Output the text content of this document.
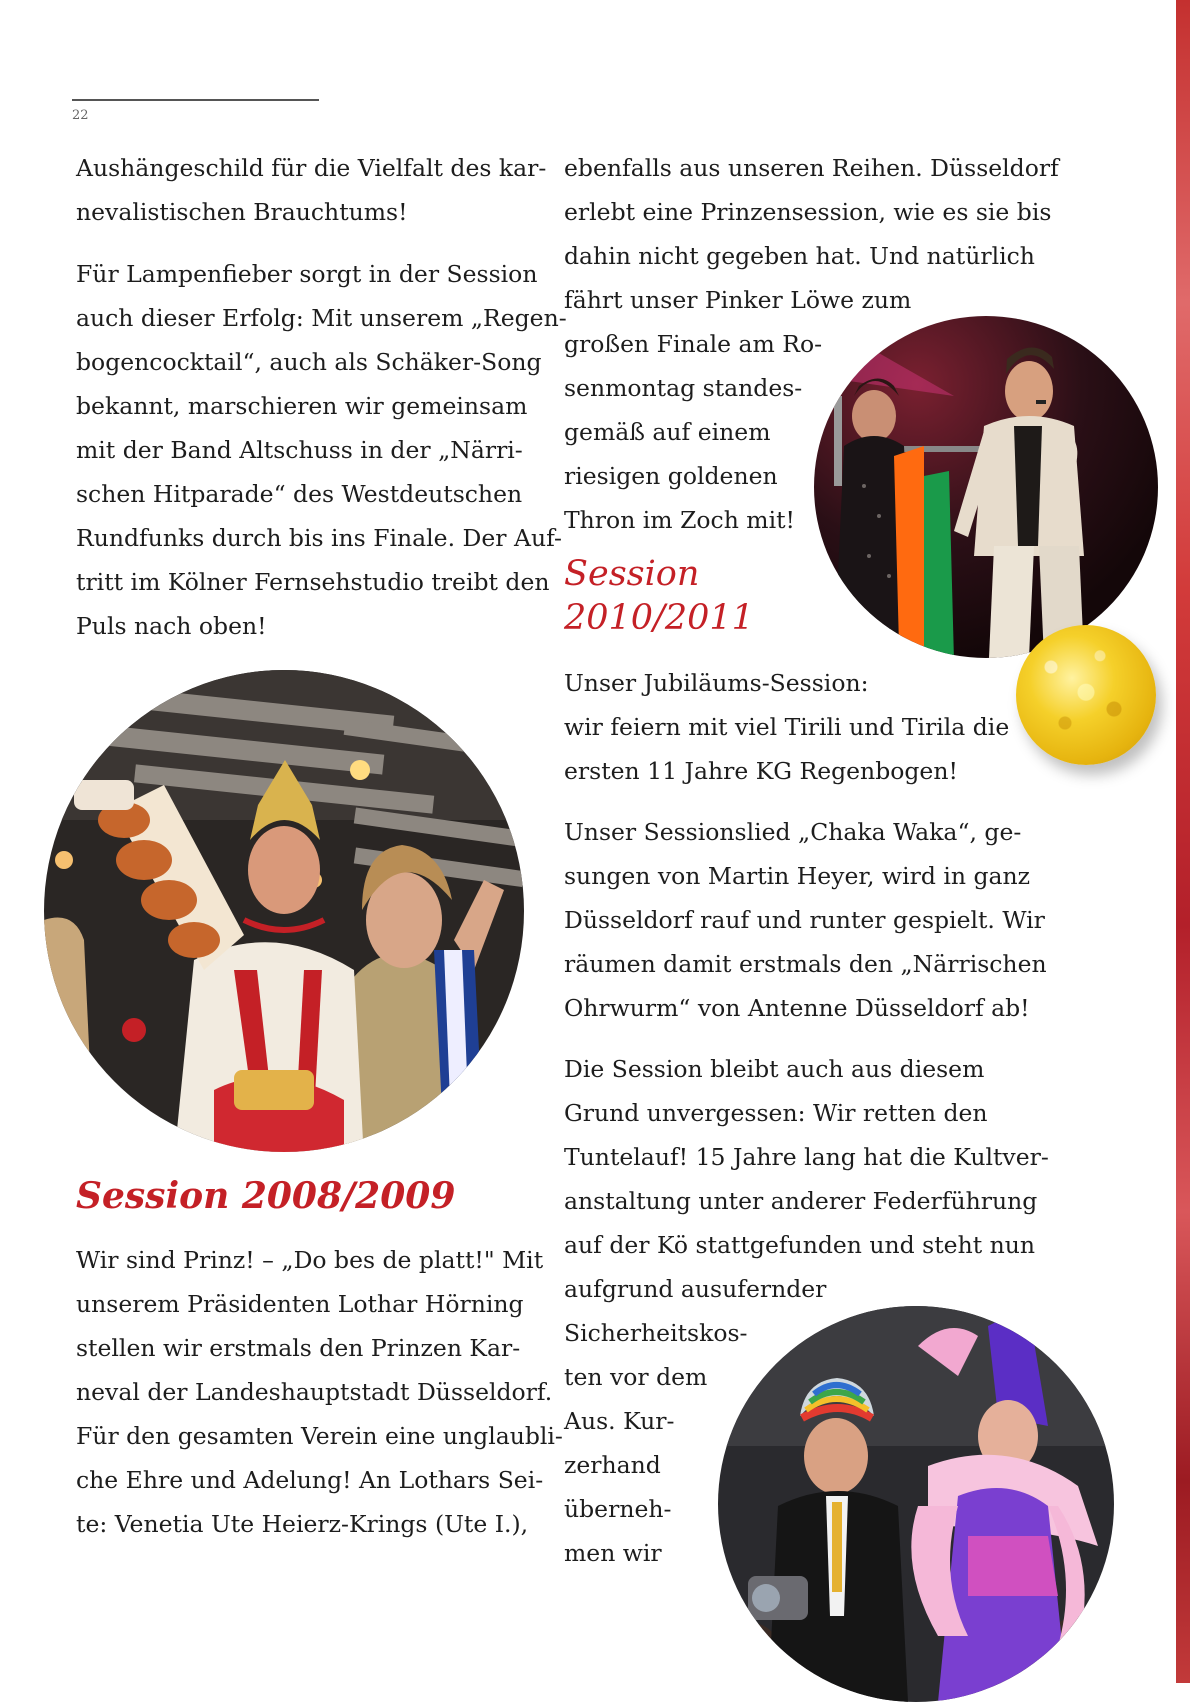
22
Aushängeschild für die Vielfalt des kar-
nevalistischen Brauchtums!
Für Lampenfieber sorgt in der Session
auch dieser Erfolg: Mit unserem „Regen-
bogencocktail“, auch als Schäker-Song
bekannt, marschieren wir gemeinsam
mit der Band Altschuss in der „Närri-
schen Hitparade“ des Westdeutschen
Rundfunks durch bis ins Finale. Der Auf-
tritt im Kölner Fernsehstudio treibt den
Puls nach oben!
Session 2008/2009
Wir sind Prinz! – „Do bes de platt!" Mit
unserem Präsidenten Lothar Hörning
stellen wir erstmals den Prinzen Kar-
neval der Landeshauptstadt Düsseldorf.
Für den gesamten Verein eine unglaubli-
che Ehre und Adelung! An Lothars Sei-
te: Venetia Ute Heierz-Krings (Ute I.),
ebenfalls aus unseren Reihen. Düsseldorf
erlebt eine Prinzensession, wie es sie bis
dahin nicht gegeben hat. Und natürlich
fährt unser Pinker Löwe zum
großen Finale am Ro-
senmontag standes-
gemäß auf einem
riesigen goldenen
Thron im Zoch mit!
Session
2010/2011
Unser Jubiläums-Session:
wir feiern mit viel Tirili und Tirila die
ersten 11 Jahre KG Regenbogen!
Unser Sessionslied „Chaka Waka“, ge-
sungen von Martin Heyer, wird in ganz
Düsseldorf rauf und runter gespielt. Wir
räumen damit erstmals den „Närrischen
Ohrwurm“ von Antenne Düsseldorf ab!
Die Session bleibt auch aus diesem
Grund unvergessen: Wir retten den
Tuntelauf! 15 Jahre lang hat die Kultver-
anstaltung unter anderer Federführung
auf der Kö stattgefunden und steht nun
aufgrund ausufernder
Sicherheitskos-
ten vor dem
Aus. Kur-
zerhand
überneh-
men wir
